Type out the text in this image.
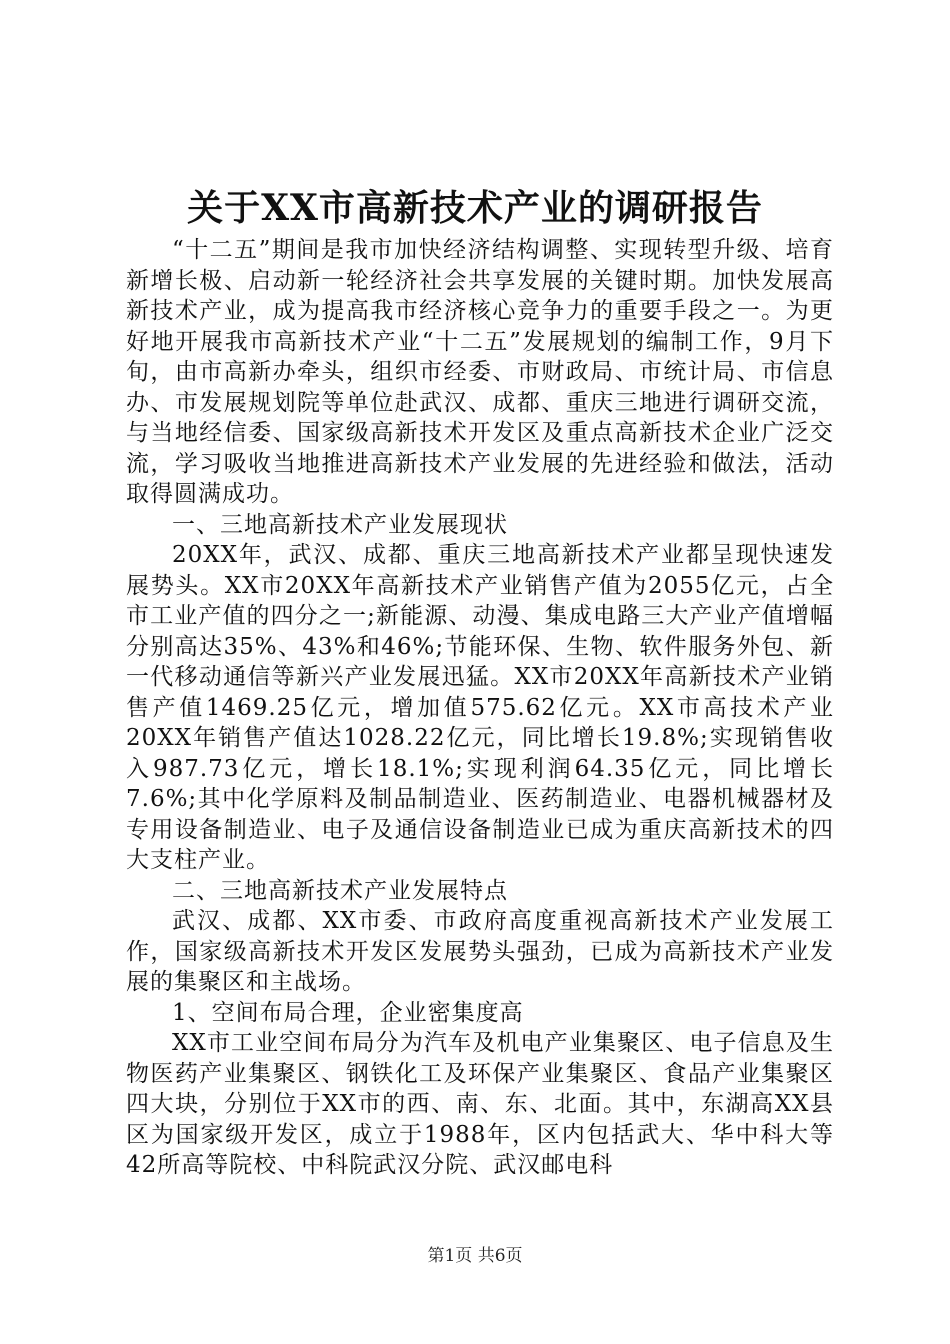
关于XX市高新技术产业的调研报告

“十二五”期间是我市加快经济结构调整、实现转型升级、培育新增长极、启动新一轮经济社会共享发展的关键时期。加快发展高新技术产业，成为提高我市经济核心竞争力的重要手段之一。为更好地开展我市高新技术产业“十二五”发展规划的编制工作，9月下旬，由市高新办牵头，组织市经委、市财政局、市统计局、市信息办、市发展规划院等单位赴武汉、成都、重庆三地进行调研交流，与当地经信委、国家级高新技术开发区及重点高新技术企业广泛交流，学习吸收当地推进高新技术产业发展的先进经验和做法，活动取得圆满成功。

一、三地高新技术产业发展现状

20XX年，武汉、成都、重庆三地高新技术产业都呈现快速发展势头。XX市20XX年高新技术产业销售产值为2055亿元，占全市工业产值的四分之一;新能源、动漫、集成电路三大产业产值增幅分别高达35%、43%和46%;节能环保、生物、软件服务外包、新一代移动通信等新兴产业发展迅猛。XX市20XX年高新技术产业销售产值1469.25亿元，增加值575.62亿元。XX市高技术产业20XX年销售产值达1028.22亿元，同比增长19.8%;实现销售收入987.73亿元，增长18.1%;实现利润64.35亿元，同比增长7.6%;其中化学原料及制品制造业、医药制造业、电器机械器材及专用设备制造业、电子及通信设备制造业已成为重庆高新技术的四大支柱产业。

二、三地高新技术产业发展特点

武汉、成都、XX市委、市政府高度重视高新技术产业发展工作，国家级高新技术开发区发展势头强劲，已成为高新技术产业发展的集聚区和主战场。

1、空间布局合理，企业密集度高

XX市工业空间布局分为汽车及机电产业集聚区、电子信息及生物医药产业集聚区、钢铁化工及环保产业集聚区、食品产业集聚区四大块，分别位于XX市的西、南、东、北面。其中，东湖高XX县区为国家级开发区，成立于1988年，区内包括武大、华中科大等42所高等院校、中科院武汉分院、武汉邮电科

第1页 共6页
